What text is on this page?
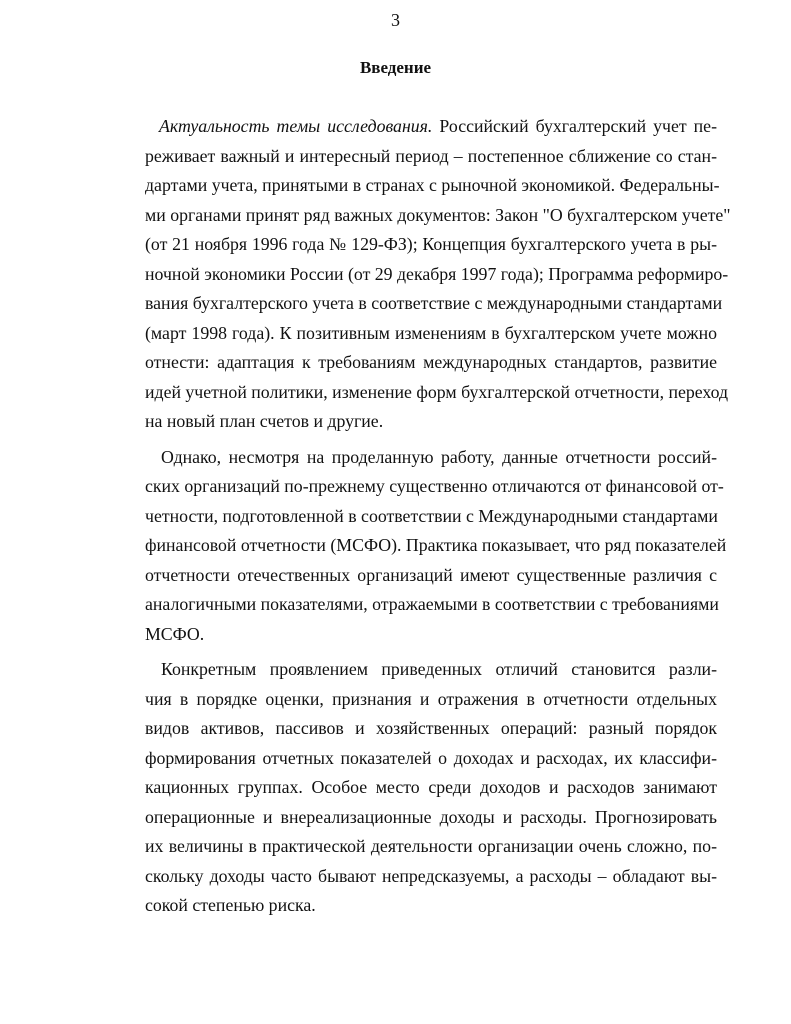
3
Введение
Актуальность темы исследования. Российский бухгалтерский учет пе-
реживает важный и интересный период – постепенное сближение со стан-
дартами учета, принятыми в странах с рыночной экономикой. Федеральны-
ми органами принят ряд важных документов: Закон "О бухгалтерском учете"
(от 21 ноября 1996 года № 129-ФЗ); Концепция бухгалтерского учета в ры-
ночной экономики России (от 29 декабря 1997 года); Программа реформиро-
вания бухгалтерского учета в соответствие с международными стандартами
(март 1998 года). К позитивным изменениям в бухгалтерском учете можно
отнести: адаптация к требованиям международных стандартов, развитие
идей учетной политики, изменение форм бухгалтерской отчетности, переход
на новый план счетов и другие.
Однако, несмотря на проделанную работу, данные отчетности россий-
ских организаций по-прежнему существенно отличаются от финансовой от-
четности, подготовленной в соответствии с Международными стандартами
финансовой отчетности (МСФО). Практика показывает, что ряд показателей
отчетности отечественных организаций имеют существенные различия с
аналогичными показателями, отражаемыми в соответствии с требованиями
МСФО.
Конкретным проявлением приведенных отличий становится разли-
чия в порядке оценки, признания и отражения в отчетности отдельных
видов активов, пассивов и хозяйственных операций: разный порядок
формирования отчетных показателей о доходах и расходах, их классифи-
кационных группах. Особое место среди доходов и расходов занимают
операционные и внереализационные доходы и расходы. Прогнозировать
их величины в практической деятельности организации очень сложно, по-
скольку доходы часто бывают непредсказуемы, а расходы – обладают вы-
сокой степенью риска.
